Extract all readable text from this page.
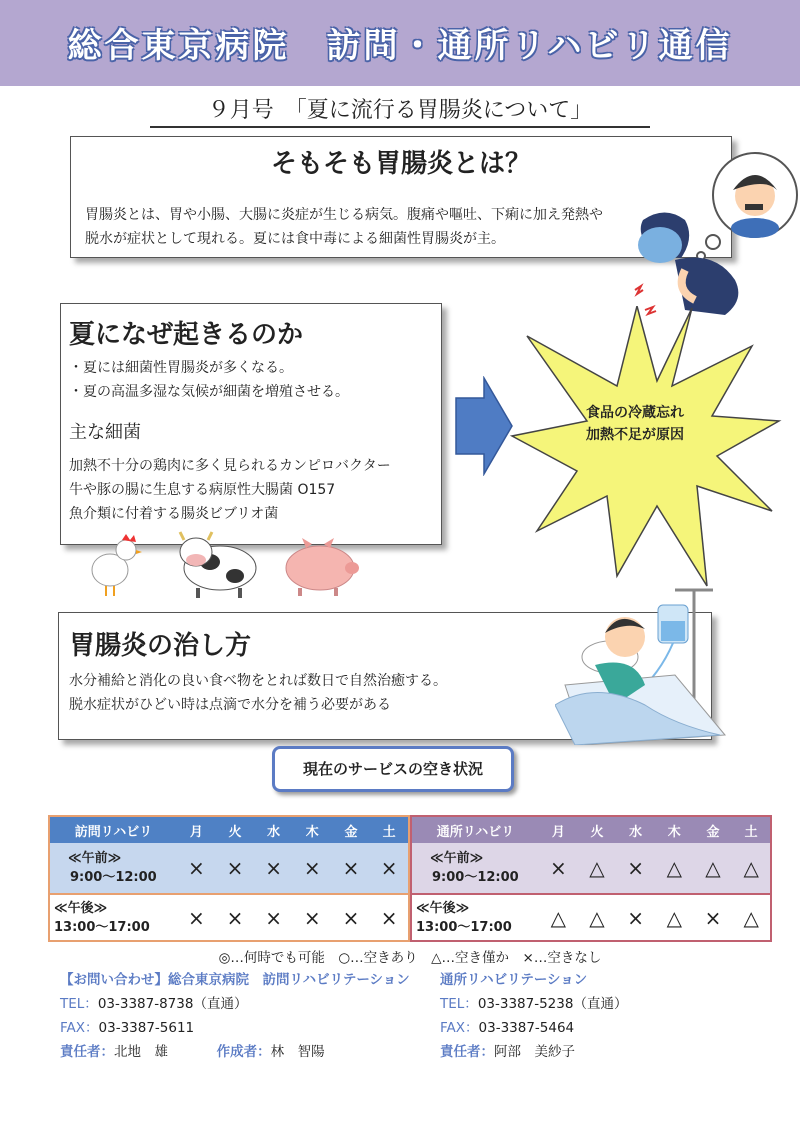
総合東京病院　訪問・通所リハビリ通信
９月号　「夏に流行る胃腸炎について」
そもそも胃腸炎とは？

胃腸炎とは、胃や小腸、大腸に炎症が生じる病気。腹痛や嘔吐、下痢に加え発熱や

脱水が症状として現れる。夏には食中毒による細菌性胃腸炎が主。

夏になぜ起きるのか

・夏には細菌性胃腸炎が多くなる。

・夏の高温多湿な気候が細菌を増殖させる。

主な細菌

加熱不十分の鶏肉に多く見られるカンピロバクター

牛や豚の腸に生息する病原性大腸菌 O157

魚介類に付着する腸炎ビブリオ菌

食品の冷蔵忘れ
加熱不足が原因
胃腸炎の治し方

水分補給と消化の良い食べ物をとれば数日で自然治癒する。

脱水症状がひどい時は点滴で水分を補う必要がある

現在のサービスの空き状況
訪問リハビリ	月	火	水	木	金	土

≪午前≫
9:00～12:00	×	×	×	×	×	×

≪午後≫
13:00～17:00	×	×	×	×	×	×
通所リハビリ	月	火	水	木	金	土

≪午前≫
9:00～12:00	×	△	×	△	△	△

≪午後≫
13:00～17:00	△	△	×	△	×	△
◎…何時でも可能　○…空きあり　△…空き僅か　×…空きなし
【お問い合わせ】総合東京病院　訪問リハビリテーション
TEL：03-3387-8738（直通）
FAX：03-3387-5611
責任者：北地　雄	作成者：林　智陽
通所リハビリテーション
TEL：03-3387-5238（直通）
FAX：03-3387-5464
責任者：阿部　美紗子
